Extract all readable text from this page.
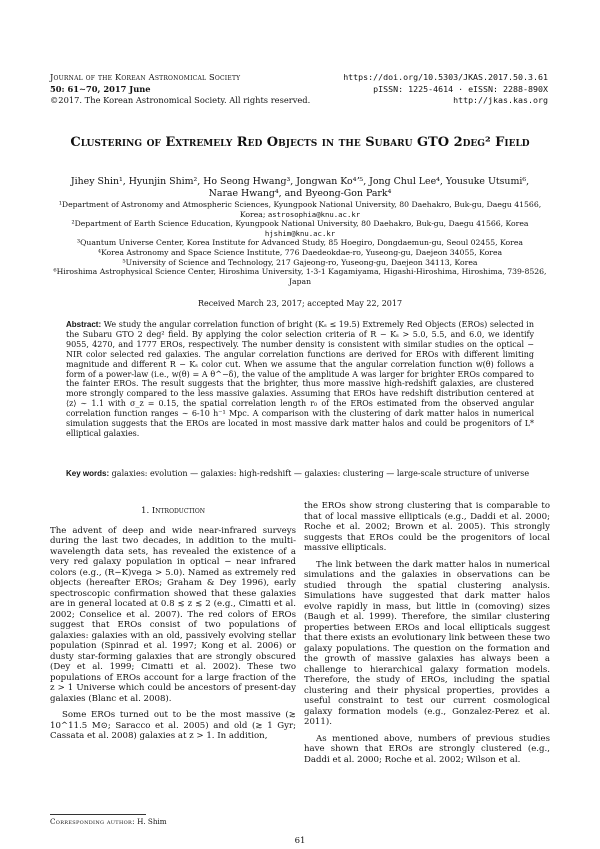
Journal of the Korean Astronomical Society
50: 61∼70, 2017 June
©2017. The Korean Astronomical Society. All rights reserved.
https://doi.org/10.5303/JKAS.2017.50.3.61
pISSN: 1225-4614 · eISSN: 2288-890X
http://jkas.kas.org
Clustering of Extremely Red Objects in the Subaru GTO 2deg² Field
Jihey Shin¹, Hyunjin Shim², Ho Seong Hwang³, Jongwan Ko⁴ʼ⁵, Jong Chul Lee⁴, Yousuke Utsumi⁶, Narae Hwang⁴, and Byeong-Gon Park⁴
¹Department of Astronomy and Atmospheric Sciences, Kyungpook National University, 80 Daehakro, Buk-gu, Daegu 41566, Korea; astrosophia@knu.ac.kr
²Department of Earth Science Education, Kyungpook National University, 80 Daehakro, Buk-gu, Daegu 41566, Korea
hjshim@knu.ac.kr
³Quantum Universe Center, Korea Institute for Advanced Study, 85 Hoegiro, Dongdaemun-gu, Seoul 02455, Korea
⁴Korea Astronomy and Space Science Institute, 776 Daedeokdae-ro, Yuseong-gu, Daejeon 34055, Korea
⁵University of Science and Technology, 217 Gajeong-ro, Yuseong-gu, Daejeon 34113, Korea
⁶Hiroshima Astrophysical Science Center, Hiroshima University, 1-3-1 Kagamiyama, Higashi-Hiroshima, Hiroshima, 739-8526, Japan
Received March 23, 2017; accepted May 22, 2017
Abstract: We study the angular correlation function of bright (Kₛ ≤ 19.5) Extremely Red Objects (EROs) selected in the Subaru GTO 2 deg² field. By applying the color selection criteria of R − Kₛ > 5.0, 5.5, and 6.0, we identify 9055, 4270, and 1777 EROs, respectively. The number density is consistent with similar studies on the optical − NIR color selected red galaxies. The angular correlation functions are derived for EROs with different limiting magnitude and different R − Kₛ color cut. When we assume that the angular correlation function w(θ) follows a form of a power-law (i.e., w(θ) = A θ^−δ), the value of the amplitude A was larger for brighter EROs compared to the fainter EROs. The result suggests that the brighter, thus more massive high-redshift galaxies, are clustered more strongly compared to the less massive galaxies. Assuming that EROs have redshift distribution centered at ⟨z⟩ ∼ 1.1 with σ_z = 0.15, the spatial correlation length r₀ of the EROs estimated from the observed angular correlation function ranges ∼ 6-10 h⁻¹ Mpc. A comparison with the clustering of dark matter halos in numerical simulation suggests that the EROs are located in most massive dark matter halos and could be progenitors of L* elliptical galaxies.
Key words: galaxies: evolution — galaxies: high-redshift — galaxies: clustering — large-scale structure of universe
1. Introduction

The advent of deep and wide near-infrared surveys during the last two decades, in addition to the multi-wavelength data sets, has revealed the existence of a very red galaxy population in optical − near infrared colors (e.g., (R−K)vega > 5.0). Named as extremely red objects (hereafter EROs; Graham & Dey 1996), early spectroscopic confirmation showed that these galaxies are in general located at 0.8 ≲ z ≲ 2 (e.g., Cimatti et al. 2002; Conselice et al. 2007). The red colors of EROs suggest that EROs consist of two populations of galaxies: galaxies with an old, passively evolving stellar population (Spinrad et al. 1997; Kong et al. 2006) or dusty star-forming galaxies that are strongly obscured (Dey et al. 1999; Cimatti et al. 2002). These two populations of EROs account for a large fraction of the z > 1 Universe which could be ancestors of present-day galaxies (Blanc et al. 2008).

Some EROs turned out to be the most massive (≳ 10^11.5 M⊙; Saracco et al. 2005) and old (≳ 1 Gyr; Cassata et al. 2008) galaxies at z > 1. In addition,

the EROs show strong clustering that is comparable to that of local massive ellipticals (e.g., Daddi et al. 2000; Roche et al. 2002; Brown et al. 2005). This strongly suggests that EROs could be the progenitors of local massive ellipticals.

The link between the dark matter halos in numerical simulations and the galaxies in observations can be studied through the spatial clustering analysis. Simulations have suggested that dark matter halos evolve rapidly in mass, but little in (comoving) sizes (Baugh et al. 1999). Therefore, the similar clustering properties between EROs and local ellipticals suggest that there exists an evolutionary link between these two galaxy populations. The question on the formation and the growth of massive galaxies has always been a challenge to hierarchical galaxy formation models. Therefore, the study of EROs, including the spatial clustering and their physical properties, provides a useful constraint to test our current cosmological galaxy formation models (e.g., Gonzalez-Perez et al. 2011).

As mentioned above, numbers of previous studies have shown that EROs are strongly clustered (e.g., Daddi et al. 2000; Roche et al. 2002; Wilson et al.

Corresponding author: H. Shim
61
